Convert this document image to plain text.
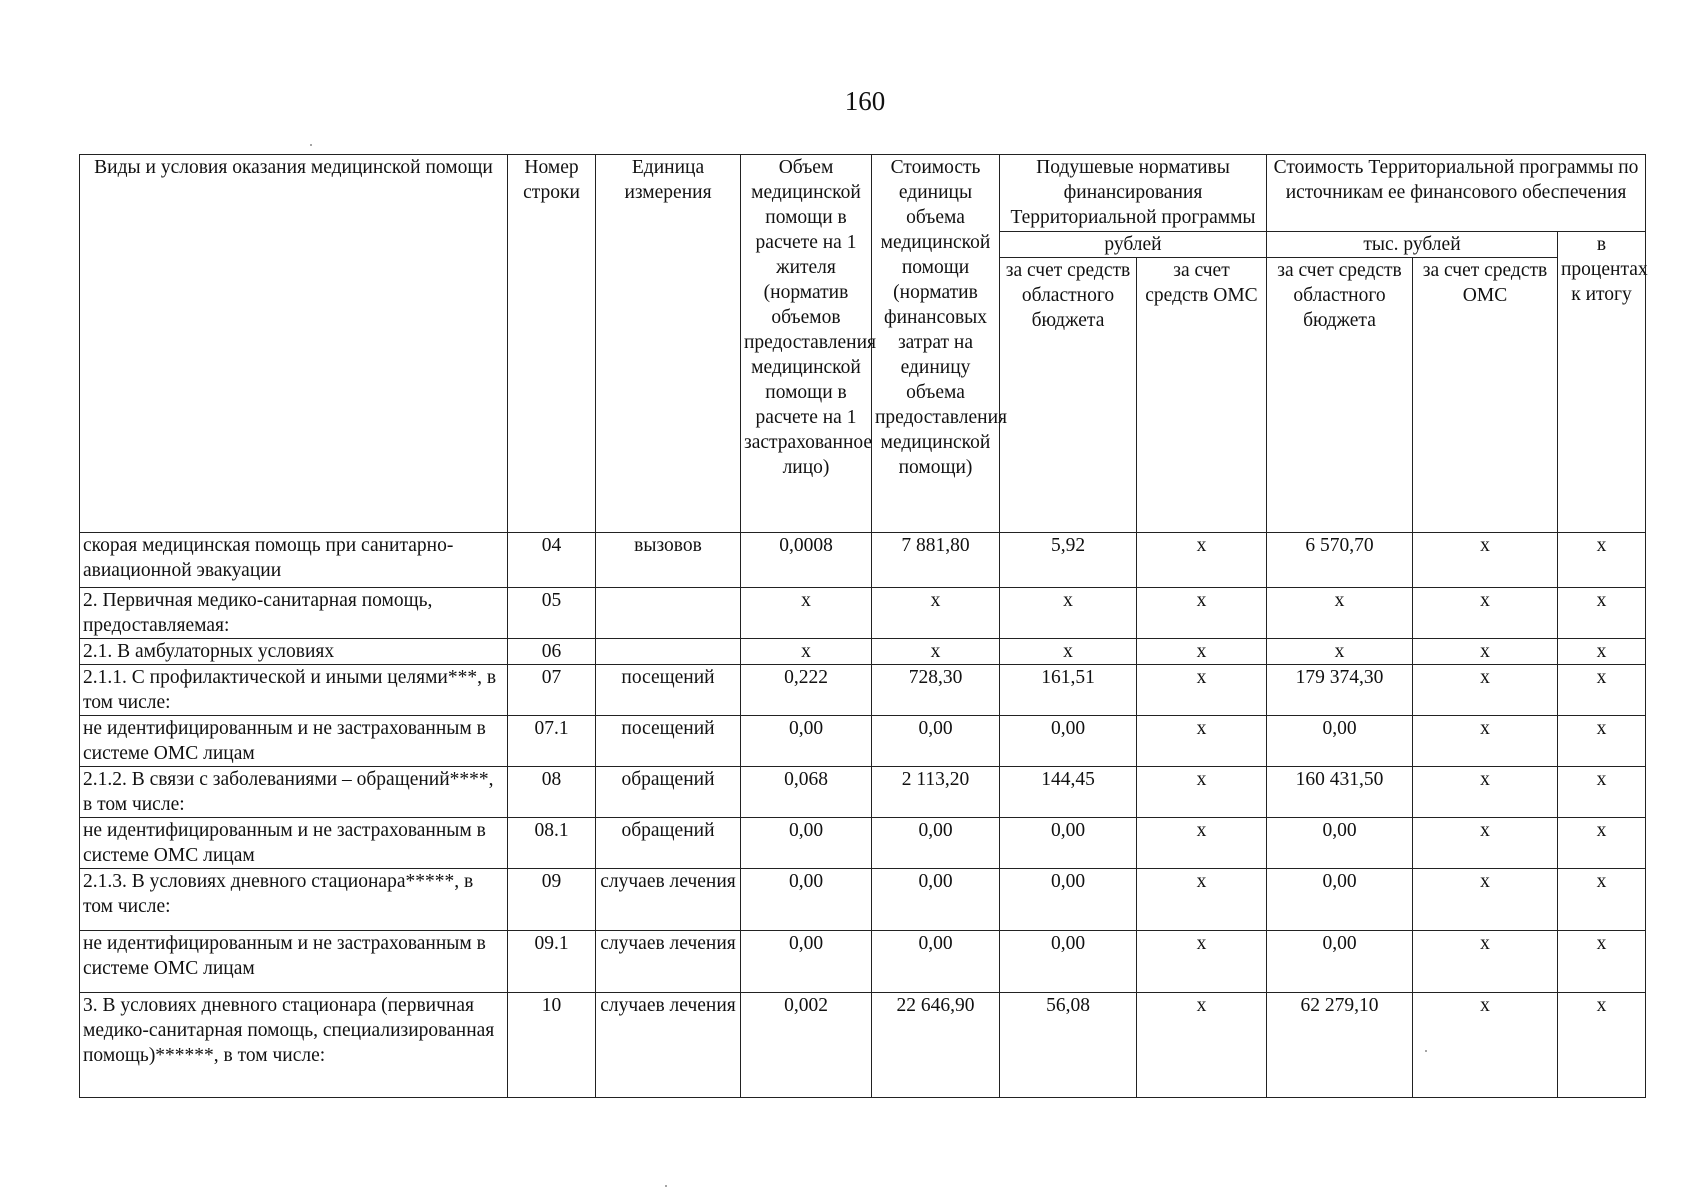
160
Виды и условия оказания медицинской помощи	Номер строки	Единица измерения	Объем медицинской помощи в расчете на 1 жителя (норматив объемов предоставления медицинской помощи в расчете на 1 застрахованное лицо)	Стоимость единицы объема медицинской помощи (норматив финансовых затрат на единицу объема предоставления медицинской помощи)	Подушевые нормативы финансирования Территориальной программы		Стоимость Территориальной программы по источникам ее финансового обеспечения		
					рублей		тыс. рублей		в процентах к итогу
					за счет средств областного бюджета	за счет средств ОМС	за счет средств областного бюджета	за счет средств ОМС	
скорая медицинская помощь при санитарно-авиационной эвакуации	04	вызовов	0,0008	7 881,80	5,92	х	6 570,70	х	х
2. Первичная медико-санитарная помощь, предоставляемая:	05		х	х	х	х	х	х	х
2.1. В амбулаторных условиях	06		х	х	х	х	х	х	х
2.1.1. С профилактической и иными целями***, в том числе:	07	посещений	0,222	728,30	161,51	х	179 374,30	х	х
не идентифицированным и не застрахованным в системе ОМС лицам	07.1	посещений	0,00	0,00	0,00	х	0,00	х	х
2.1.2. В связи с заболеваниями – обращений****, в том числе:	08	обращений	0,068	2 113,20	144,45	х	160 431,50	х	х
не идентифицированным и не застрахованным в системе ОМС лицам	08.1	обращений	0,00	0,00	0,00	х	0,00	х	х
2.1.3. В условиях дневного стационара*****, в том числе:	09	случаев лечения	0,00	0,00	0,00	х	0,00	х	х
не идентифицированным и не застрахованным в системе ОМС лицам	09.1	случаев лечения	0,00	0,00	0,00	х	0,00	х	х
3. В условиях дневного стационара (первичная медико-санитарная помощь, специализированная помощь)******, в том числе:	10	случаев лечения	0,002	22 646,90	56,08	х	62 279,10	х	х
